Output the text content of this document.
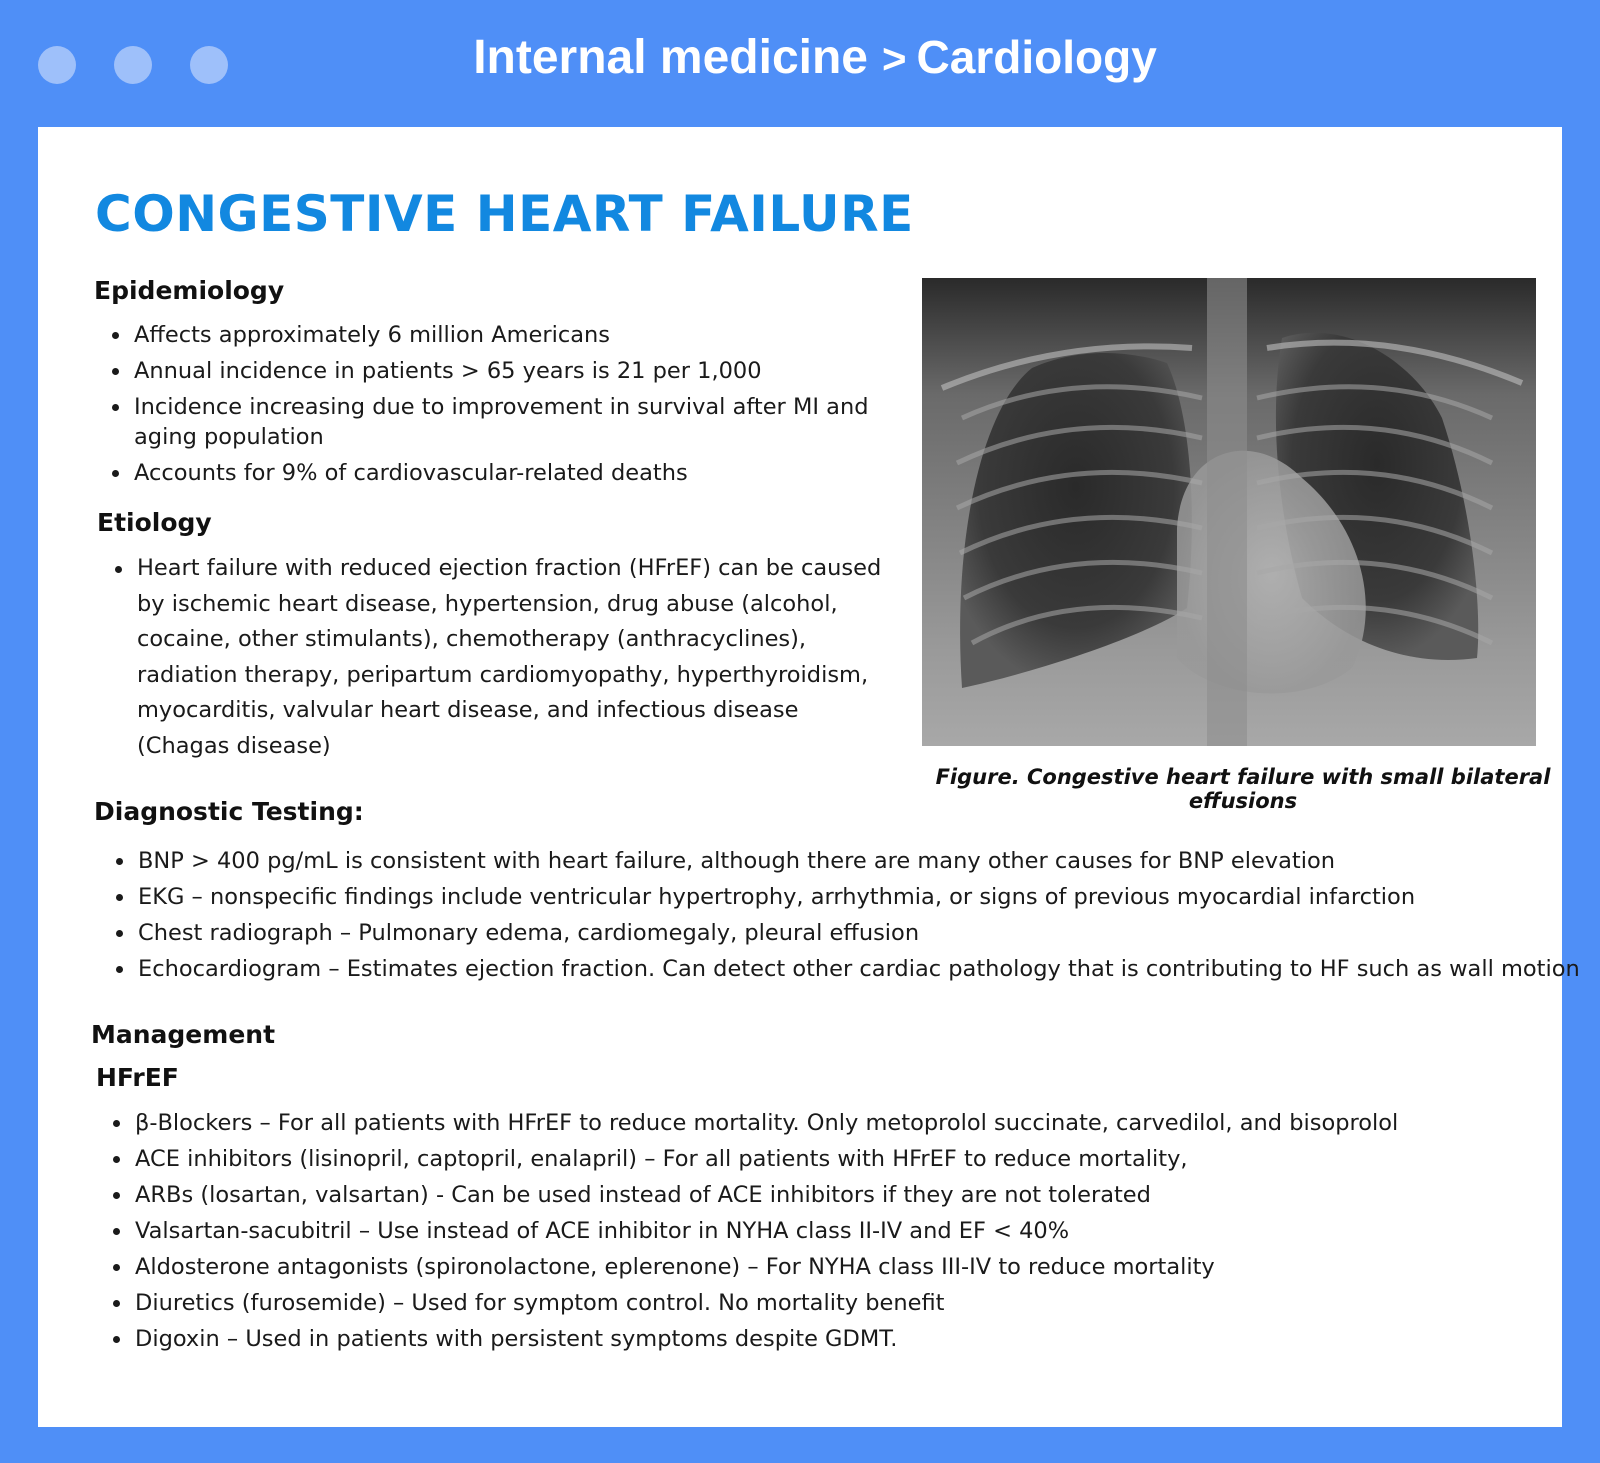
Internal medicine > Cardiology
CONGESTIVE HEART FAILURE
Epidemiology
Affects approximately 6 million Americans
Annual incidence in patients > 65 years is 21 per 1,000
Incidence increasing due to improvement in survival after MI and aging population
Accounts for 9% of cardiovascular-related deaths
Etiology
Heart failure with reduced ejection fraction (HFrEF) can be caused by ischemic heart disease, hypertension, drug abuse (alcohol, cocaine, other stimulants), chemotherapy (anthracyclines), radiation therapy, peripartum cardiomyopathy, hyperthyroidism, myocarditis, valvular heart disease, and infectious disease (Chagas disease)

Figure. Congestive heart failure with small bilateral effusions

Diagnostic Testing:
BNP > 400 pg/mL is consistent with heart failure, although there are many other causes for BNP elevation
EKG – nonspecific findings include ventricular hypertrophy, arrhythmia, or signs of previous myocardial infarction
Chest radiograph – Pulmonary edema, cardiomegaly, pleural effusion
Echocardiogram – Estimates ejection fraction. Can detect other cardiac pathology that is contributing to HF such as wall motion
Management
HFrEF
β-Blockers – For all patients with HFrEF to reduce mortality. Only metoprolol succinate, carvedilol, and bisoprolol
ACE inhibitors (lisinopril, captopril, enalapril) – For all patients with HFrEF to reduce mortality,
ARBs (losartan, valsartan) - Can be used instead of ACE inhibitors if they are not tolerated
Valsartan-sacubitril – Use instead of ACE inhibitor in NYHA class II-IV and EF < 40%
Aldosterone antagonists (spironolactone, eplerenone) – For NYHA class III-IV to reduce mortality
Diuretics (furosemide) – Used for symptom control. No mortality benefit
Digoxin – Used in patients with persistent symptoms despite GDMT.
